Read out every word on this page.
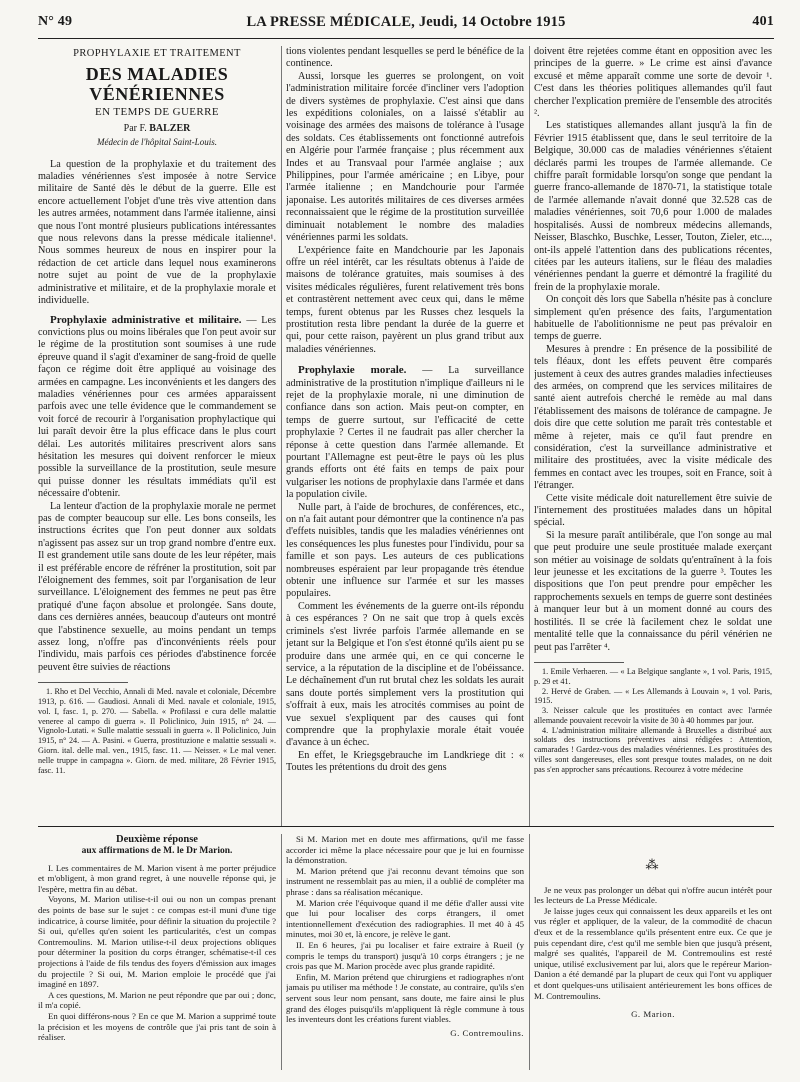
N° 49	LA PRESSE MÉDICALE, Jeudi, 14 Octobre 1915	401
PROPHYLAXIE ET TRAITEMENT
DES MALADIES VÉNÉRIENNES
EN TEMPS DE GUERRE
Par F. BALZER
Médecin de l'hôpital Saint-Louis.

La question de la prophylaxie et du traitement des maladies vénériennes s'est imposée à notre Service militaire de Santé dès le début de la guerre. Elle est encore actuellement l'objet d'une très vive attention dans les autres armées, notamment dans l'armée italienne, ainsi que nous l'ont montré plusieurs publications intéressantes que nous relevons dans la presse médicale italienne¹. Nous sommes heureux de nous en inspirer pour la rédaction de cet article dans lequel nous examinerons notre sujet au point de vue de la prophylaxie administrative et militaire, et de la prophylaxie morale et individuelle.

Prophylaxie administrative et militaire. — Les convictions plus ou moins libérales que l'on peut avoir sur le régime de la prostitution sont soumises à une rude épreuve quand il s'agit d'examiner de sang-froid de quelle façon ce régime doit être appliqué au voisinage des armées en campagne. Les inconvénients et les dangers des maladies vénériennes pour ces armées apparaissent parfois avec une telle évidence que le commandement se voit forcé de recourir à l'organisation prophylactique qui lui paraît devoir être la plus efficace dans le plus court délai. Les autorités militaires prescrivent alors sans hésitation les mesures qui doivent renforcer le mieux possible la surveillance de la prostitution, seule mesure qui puisse donner les résultats immédiats qu'il est nécessaire d'obtenir.

La lenteur d'action de la prophylaxie morale ne permet pas de compter beaucoup sur elle. Les bons conseils, les instructions écrites que l'on peut donner aux soldats n'agissent pas assez sur un trop grand nombre d'entre eux. Il est grandement utile sans doute de les leur répéter, mais il est préférable encore de réfréner la prostitution, soit par l'éloignement des femmes, soit par l'organisation de leur surveillance. L'éloignement des femmes ne peut pas être pratiqué d'une façon absolue et prolongée. Sans doute, dans ces dernières années, beaucoup d'auteurs ont montré que l'abstinence sexuelle, au moins pendant un temps assez long, n'offre pas d'inconvénients réels pour l'individu, mais parfois ces périodes d'abstinence forcée peuvent être suivies de réactions

1. Rho et Del Vecchio, Annali di Med. navale et coloniale, Décembre 1913, p. 616. — Gaudiosi. Annali di Med. navale et coloniale, 1915, vol. I, fasc. 1, p. 270. — Sabella. « Profilassi e cura delle malattie veneree al campo di guerra ». Il Policlinico, Juin 1915, n° 24. — Vignolo-Lutati. « Sulle malattie sessuali in guerra ». Il Policlinico, Juin 1915, n° 24. — A. Pasini. « Guerra, prostituzione e malattie sessuali ». Giorn. ital. delle mal. ven., 1915, fasc. 11. — Neisser. « Le mal vener. nelle truppe in campagna ». Giorn. de med. militare, 28 Février 1915, fasc. 11.

tions violentes pendant lesquelles se perd le bénéfice de la continence.

Aussi, lorsque les guerres se prolongent, on voit l'administration militaire forcée d'incliner vers l'adoption de divers systèmes de prophylaxie. C'est ainsi que dans les expéditions coloniales, on a laissé s'établir au voisinage des armées des maisons de tolérance à l'usage des soldats. Ces établissements ont fonctionné autrefois en Algérie pour l'armée française ; plus récemment aux Indes et au Transvaal pour l'armée anglaise ; aux Philippines, pour l'armée américaine ; en Libye, pour l'armée italienne ; en Mandchourie pour l'armée japonaise. Les autorités militaires de ces diverses armées reconnaissaient que le régime de la prostitution surveillée diminuait notablement le nombre des maladies vénériennes parmi les soldats.

L'expérience faite en Mandchourie par les Japonais offre un réel intérêt, car les résultats obtenus à l'aide de maisons de tolérance gratuites, mais soumises à des visites médicales régulières, furent relativement très bons et contrastèrent nettement avec ceux qui, dans le même temps, furent obtenus par les Russes chez lesquels la prostitution resta libre pendant la durée de la guerre et qui, pour cette raison, payèrent un plus grand tribut aux maladies vénériennes.

Prophylaxie morale. — La surveillance administrative de la prostitution n'implique d'ailleurs ni le rejet de la prophylaxie morale, ni une diminution de confiance dans son action. Mais peut-on compter, en temps de guerre surtout, sur l'efficacité de cette prophylaxie ? Certes il ne faudrait pas aller chercher la réponse à cette question dans l'armée allemande. Et pourtant l'Allemagne est peut-être le pays où les plus grands efforts ont été faits en temps de paix pour vulgariser les notions de prophylaxie dans l'armée et dans la population civile.

Nulle part, à l'aide de brochures, de conférences, etc., on n'a fait autant pour démontrer que la continence n'a pas d'effets nuisibles, tandis que les maladies vénériennes ont les conséquences les plus funestes pour l'individu, pour sa famille et son pays. Les auteurs de ces publications nombreuses espéraient par leur propagande très étendue obtenir une influence sur l'armée et sur les masses populaires.

Comment les événements de la guerre ont-ils répondu à ces espérances ? On ne sait que trop à quels excès criminels s'est livrée parfois l'armée allemande en se jetant sur la Belgique et l'on s'est étonné qu'ils aient pu se produire dans une armée qui, en ce qui concerne le service, a la réputation de la discipline et de l'obéissance. Le déchaînement d'un rut brutal chez les soldats les aurait sans doute portés simplement vers la prostitution qui s'offrait à eux, mais les atrocités commises au point de vue sexuel s'expliquent par des causes qui font comprendre que la prophylaxie morale était vouée d'avance à un échec.

En effet, le Kriegsgebrauche im Landkriege dit : « Toutes les prétentions du droit des gens

doivent être rejetées comme étant en opposition avec les principes de la guerre. » Le crime est ainsi d'avance excusé et même apparaît comme une sorte de devoir ¹. C'est dans les théories politiques allemandes qu'il faut chercher l'explication première de l'ensemble des atrocités ².

Les statistiques allemandes allant jusqu'à la fin de Février 1915 établissent que, dans le seul territoire de la Belgique, 30.000 cas de maladies vénériennes s'étaient déclarés parmi les troupes de l'armée allemande. Ce chiffre paraît formidable lorsqu'on songe que pendant la guerre franco-allemande de 1870-71, la statistique totale de l'armée allemande n'avait donné que 32.528 cas de maladies vénériennes, soit 70,6 pour 1.000 de malades hospitalisés. Aussi de nombreux médecins allemands, Neisser, Blaschko, Buschke, Lesser, Touton, Zieler, etc..., ont-ils appelé l'attention dans des publications récentes, citées par les auteurs italiens, sur le fléau des maladies vénériennes pendant la guerre et démontré la fragilité du frein de la prophylaxie morale.

On conçoit dès lors que Sabella n'hésite pas à conclure simplement qu'en présence des faits, l'argumentation habituelle de l'abolitionnisme ne peut pas prévaloir en temps de guerre.

Mesures à prendre : En présence de la possibilité de tels fléaux, dont les effets peuvent être comparés justement à ceux des autres grandes maladies infectieuses des armées, on comprend que les services militaires de santé aient autrefois cherché le remède au mal dans l'établissement des maisons de tolérance de campagne. Je dois dire que cette solution me paraît très contestable et même à rejeter, mais ce qu'il faut prendre en considération, c'est la surveillance administrative et militaire des prostituées, avec la visite médicale des femmes en contact avec les troupes, soit en France, soit à l'étranger.

Cette visite médicale doit naturellement être suivie de l'internement des prostituées malades dans un hôpital spécial.

Si la mesure paraît antilibérale, que l'on songe au mal que peut produire une seule prostituée malade exerçant son métier au voisinage de soldats qu'entraînent à la fois leur jeunesse et les excitations de la guerre ³. Toutes les dispositions que l'on peut prendre pour empêcher les rapprochements sexuels en temps de guerre sont destinées à manquer leur but à un moment donné au cours des hostilités. Il se crée là facilement chez le soldat une mentalité telle que la connaissance du péril vénérien ne peut pas l'arrêter ⁴.

1. Emile Verhaeren. — « La Belgique sanglante », 1 vol. Paris, 1915, p. 29 et 41.

2. Hervé de Graben. — « Les Allemands à Louvain », 1 vol. Paris, 1915.

3. Neisser calcule que les prostituées en contact avec l'armée allemande pouvaient recevoir la visite de 30 à 40 hommes par jour.

4. L'administration militaire allemande à Bruxelles a distribué aux soldats des instructions préventives ainsi rédigées : Attention, camarades ! Gardez-vous des maladies vénériennes. Les prostituées des villes sont dangereuses, elles sont presque toutes malades, on ne doit pas s'en approcher sans précautions. Recourez à votre médecine

Deuxième réponse
aux affirmations de M. le Dr Marion.

I. Les commentaires de M. Marion visent à me porter préjudice et m'obligent, à mon grand regret, à une nouvelle réponse qui, je l'espère, mettra fin au débat.

Voyons, M. Marion utilise-t-il oui ou non un compas prenant des points de base sur le sujet : ce compas est-il muni d'une tige indicatrice, à course limitée, pour définir la situation du projectile ? Si oui, qu'elles qu'en soient les particularités, c'est un compas Contremoulins. M. Marion utilise-t-il deux projections obliques pour déterminer la position du corps étranger, schématise-t-il ces projections à l'aide de fils tendus des foyers d'émission aux images du projectile ? Si oui, M. Marion emploie le procédé que j'ai imaginé en 1897.

A ces questions, M. Marion ne peut répondre que par oui ; donc, il m'a copié.

En quoi différons-nous ? En ce que M. Marion a supprimé toute la précision et les moyens de contrôle que j'ai pris tant de soin à réaliser.

Si M. Marion met en doute mes affirmations, qu'il me fasse accorder ici même la place nécessaire pour que je lui en fournisse la démonstration.

M. Marion prétend que j'ai reconnu devant témoins que son instrument ne ressemblait pas au mien, il a oublié de compléter ma phrase : dans sa réalisation mécanique.

M. Marion crée l'équivoque quand il me défie d'aller aussi vite que lui pour localiser des corps étrangers, il omet intentionnellement d'exécution des radiographies. Il met 40 à 45 minutes, moi 30 et, là encore, je relève le gant.

II. En 6 heures, j'ai pu localiser et faire extraire à Rueil (y compris le temps du transport) jusqu'à 10 corps étrangers ; je ne crois pas que M. Marion procède avec plus grande rapidité.

Enfin, M. Marion prétend que chirurgiens et radiographes n'ont jamais pu utiliser ma méthode ! Je constate, au contraire, qu'ils s'en servent sous leur nom pensant, sans doute, me faire ainsi le plus grand des éloges puisqu'ils m'appliquent là règle commune à tous les inventeurs dont les créations furent viables.

G. Contremoulins.
⁂

Je ne veux pas prolonger un débat qui n'offre aucun intérêt pour les lecteurs de La Presse Médicale.

Je laisse juges ceux qui connaissent les deux appareils et les ont vus régler et appliquer, de la valeur, de la commodité de chacun d'eux et de la ressemblance qu'ils présentent entre eux. Ce que je puis cependant dire, c'est qu'il me semble bien que jusqu'à présent, malgré ses qualités, l'appareil de M. Contremoulins est resté unique, utilisé exclusivement par lui, alors que le repéreur Marion-Danion a été demandé par la plupart de ceux qui l'ont vu appliquer et dont quelques-uns utilisaient antérieurement les bons offices de M. Contremoulins.

G. Marion.
